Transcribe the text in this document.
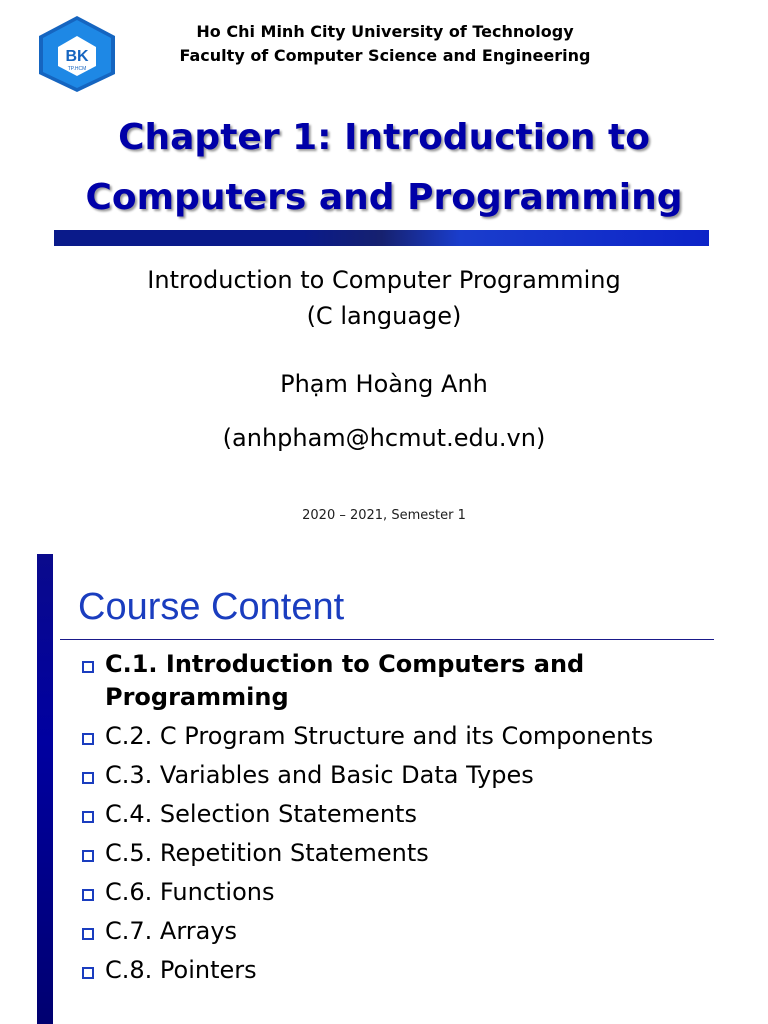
BK
TP.HCM
Ho Chi Minh City University of Technology
Faculty of Computer Science and Engineering
Chapter 1: Introduction to
Computers and Programming
Introduction to Computer Programming
(C language)
Phạm Hoàng Anh
(anhpham@hcmut.edu.vn)
2020 – 2021, Semester 1
Course Content
C.1. Introduction to Computers and Programming
C.2. C Program Structure and its Components
C.3. Variables and Basic Data Types
C.4. Selection Statements
C.5. Repetition Statements
C.6. Functions
C.7. Arrays
C.8. Pointers
